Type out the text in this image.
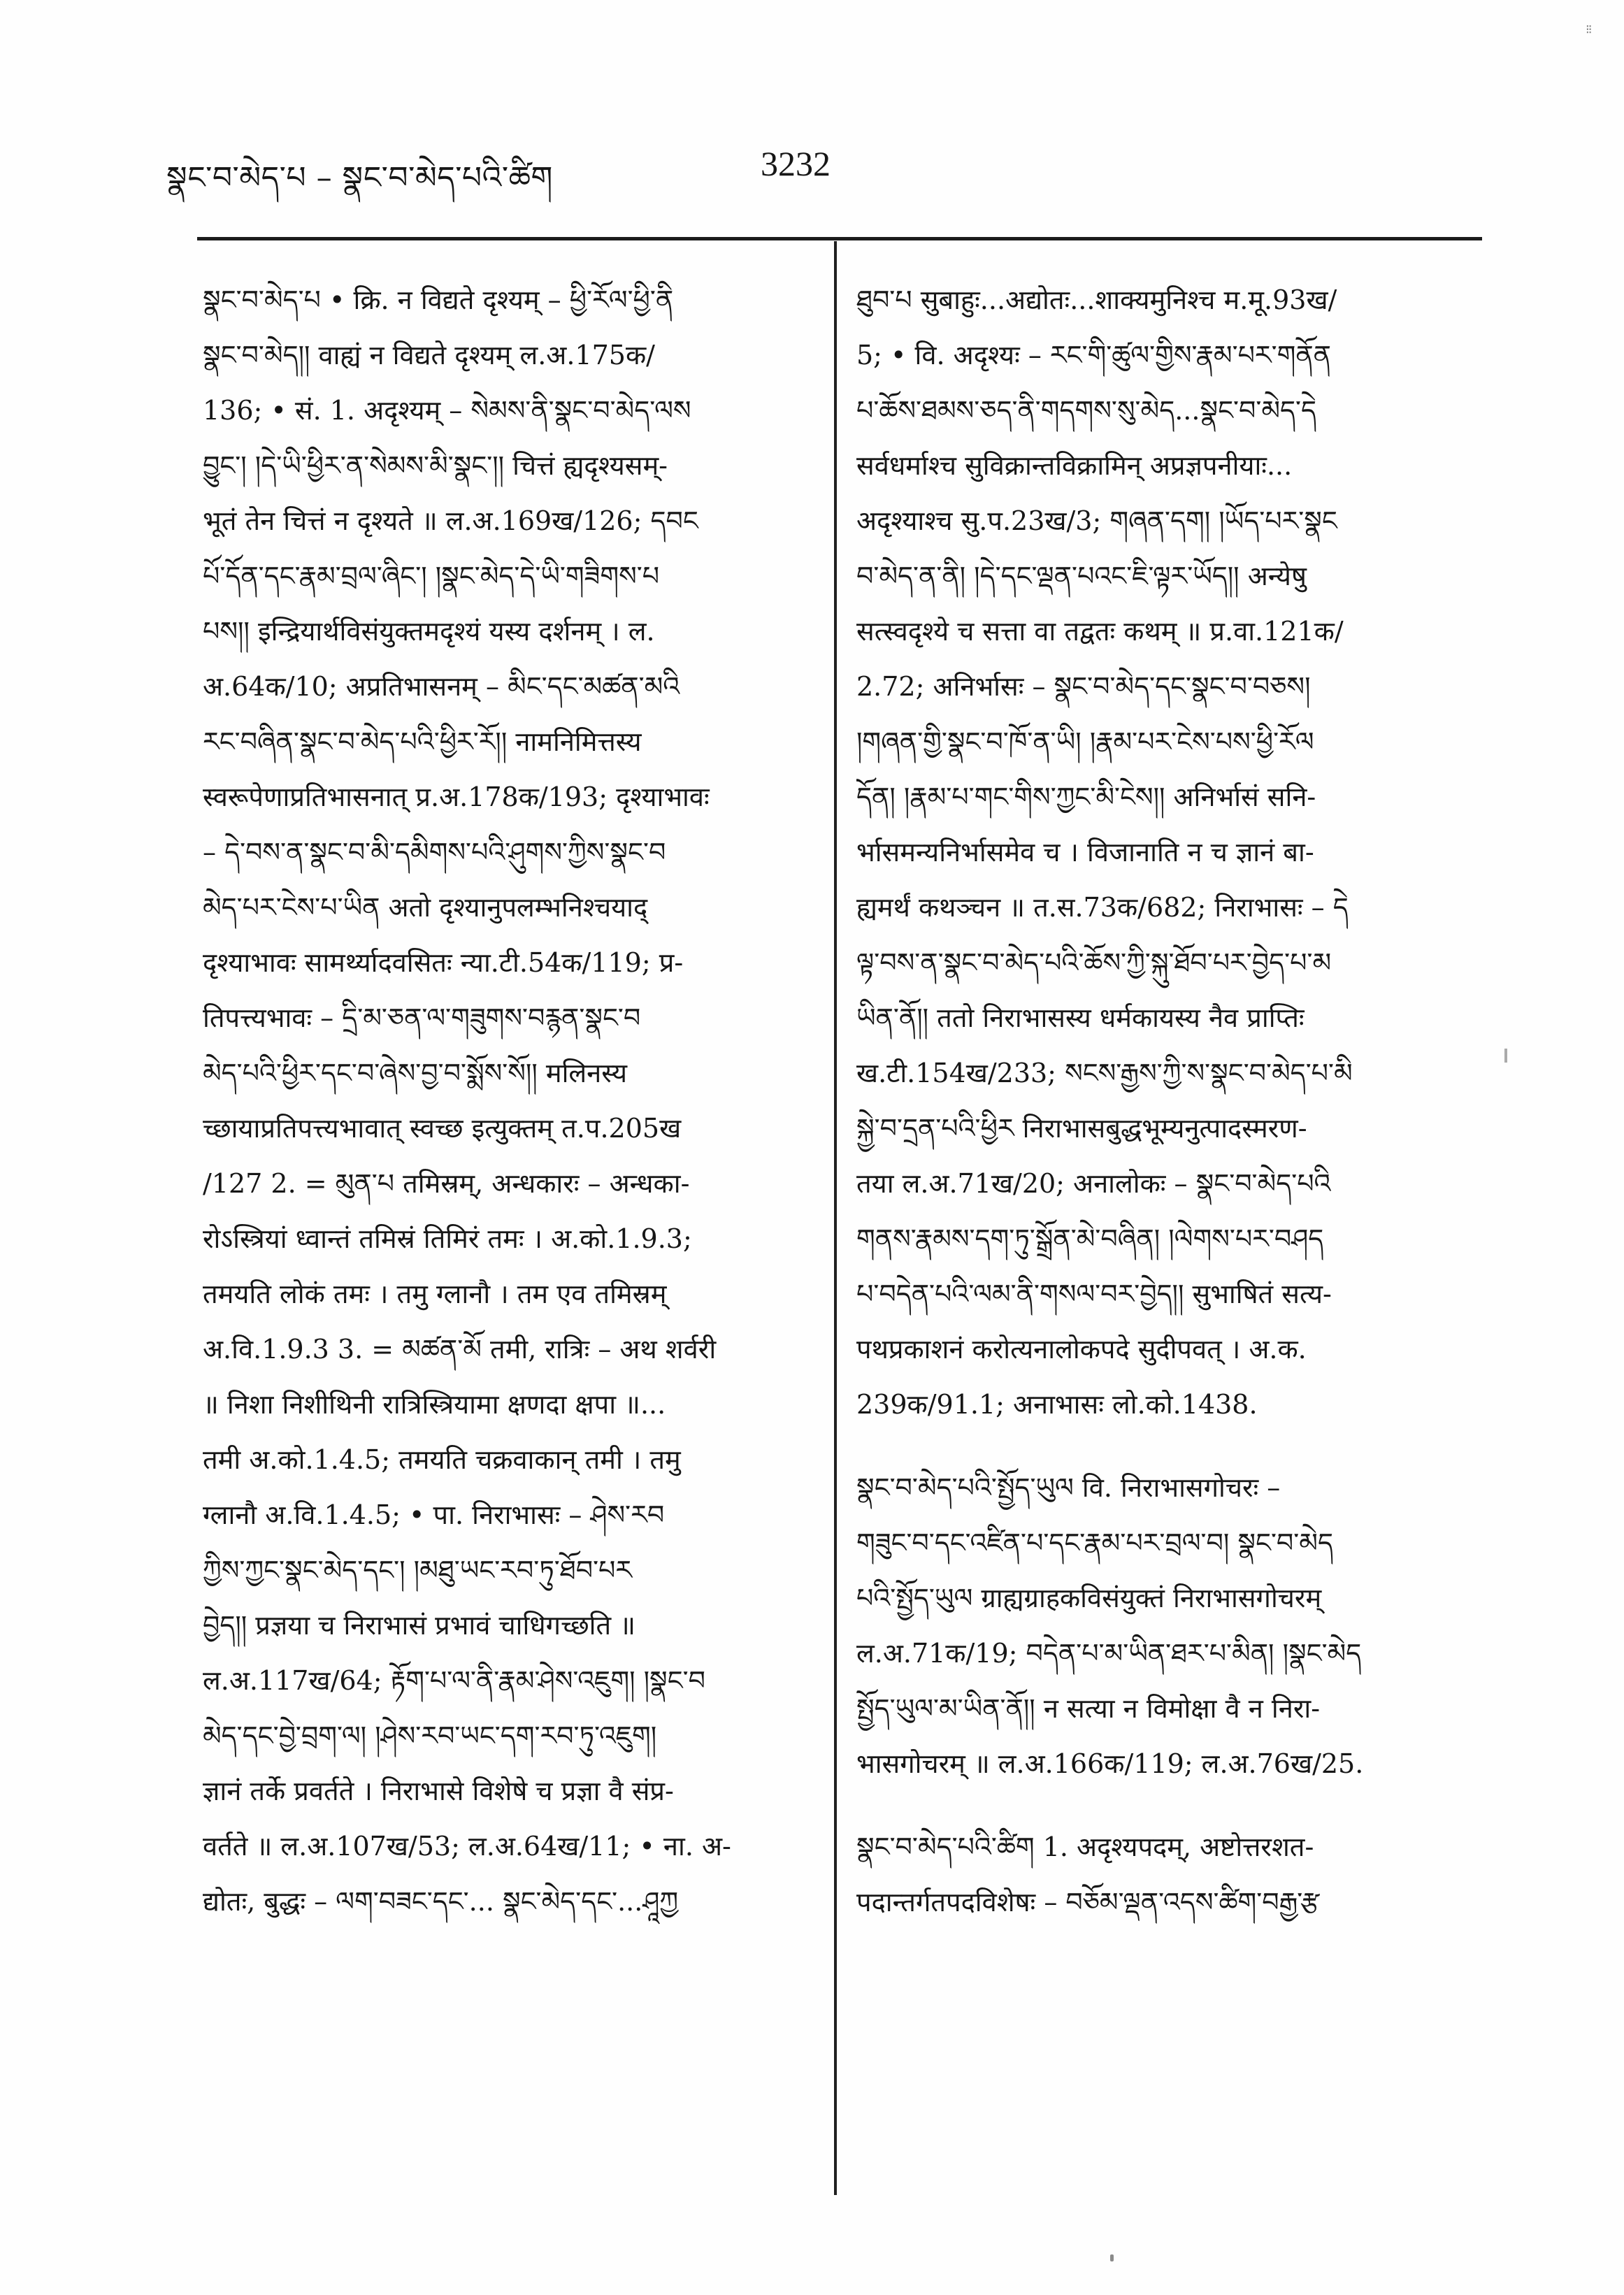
སྣང་བ་མེད་པ – སྣང་བ་མེད་པའི་ཚིག	3232
⁝⁝
སྣང་བ་མེད་པ • क्रि. न विद्यते दृश्यम् – ཕྱི་རོལ་ཕྱི་ནི
སྣང་བ་མེད།། वाह्यं न विद्यते दृश्यम् ल.अ.175क/
136; • सं. 1. अदृश्यम् – སེམས་ནི་སྣང་བ་མེད་ལས
བྱུང་། །དེ་ཡི་ཕྱིར་ན་སེམས་མི་སྣང་།། चित्तं ह्यदृश्यसम्-
भूतं तेन चित्तं न दृश्यते ॥ ल.अ.169ख/126; དབང
པོ་དོན་དང་རྣམ་བྲལ་ཞིང་། །སྣང་མེད་དེ་ཡི་གཟིགས་པ
པས།། इन्द्रियार्थविसंयुक्तमदृश्यं यस्य दर्शनम् । ल.
अ.64क/10; अप्रतिभासनम् – མིང་དང་མཚན་མའི
རང་བཞིན་སྣང་བ་མེད་པའི་ཕྱིར་རོ།། नामनिमित्तस्य
स्वरूपेणाप्रतिभासनात् प्र.अ.178क/193; दृश्याभावः
– དེ་བས་ན་སྣང་བ་མི་དམིགས་པའི་ཤུགས་ཀྱིས་སྣང་བ
མེད་པར་ངེས་པ་ཡིན अतो दृश्यानुपलम्भनिश्चयाद्
दृश्याभावः सामर्थ्यादवसितः न्या.टी.54क/119; प्र-
तिपत्त्यभावः – དྲི་མ་ཅན་ལ་གཟུགས་བརྙན་སྣང་བ
མེད་པའི་ཕྱིར་དང་བ་ཞེས་བྱ་བ་སྨོས་སོ།། मलिनस्य
च्छायाप्रतिपत्त्यभावात् स्वच्छ इत्युक्तम् त.प.205ख
/127 2. = མུན་པ तमिस्रम्, अन्धकारः – अन्धका-
रोऽस्त्रियां ध्वान्तं तमिस्रं तिमिरं तमः । अ.को.1.9.3;
तमयति लोकं तमः । तमु ग्लानौ । तम एव तमिस्रम्
अ.वि.1.9.3 3. = མཚན་མོ तमी, रात्रिः – अथ शर्वरी
॥ निशा निशीथिनी रात्रिस्त्रियामा क्षणदा क्षपा ॥...
तमी अ.को.1.4.5; तमयति चक्रवाकान् तमी । तमु
ग्लानौ अ.वि.1.4.5; • पा. निराभासः – ཤེས་རབ
ཀྱིས་ཀྱང་སྣང་མེད་དང་། །མཐུ་ཡང་རབ་ཏུ་ཐོབ་པར
བྱེད།། प्रज्ञया च निराभासं प्रभावं चाधिगच्छति ॥
ल.अ.117ख/64; རྟོག་པ་ལ་ནི་རྣམ་ཤེས་འཇུག། །སྣང་བ
མེད་དང་བྱེ་བྲག་ལ། །ཤེས་རབ་ཡང་དག་རབ་ཏུ་འཇུག།
ज्ञानं तर्के प्रवर्तते । निराभासे विशेषे च प्रज्ञा वै संप्र-
वर्तते ॥ ल.अ.107ख/53; ल.अ.64ख/11; • ना. अ-
द्योतः, बुद्धः – ལག་བཟང་དང་... སྣང་མེད་དང་...ཤཱཀྱ
ཐུབ་པ सुबाहुः...अद्योतः...शाक्यमुनिश्च म.मू.93ख/
5; • वि. अदृश्यः – རང་གི་ཚུལ་གྱིས་རྣམ་པར་གནོན
པ་ཆོས་ཐམས་ཅད་ནི་གདགས་སུ་མེད...སྣང་བ་མེད་དེ
सर्वधर्माश्च सुविक्रान्तविक्रामिन् अप्रज्ञपनीयाः...
अदृश्याश्च सु.प.23ख/3; གཞན་དག། །ཡོད་པར་སྣང
བ་མེད་ན་ནི། །དེ་དང་ལྡན་པའང་ཇི་ལྟར་ཡོད།། अन्येषु
सत्स्वदृश्ये च सत्ता वा तद्वतः कथम् ॥ प्र.वा.121क/
2.72; अनिर्भासः – སྣང་བ་མེད་དང་སྣང་བ་བཅས།
།གཞན་གྱི་སྣང་བ་ཁོ་ན་ཡི། །རྣམ་པར་ངེས་པས་ཕྱི་རོལ
དོན། །རྣམ་པ་གང་གིས་ཀྱང་མི་ངེས།། अनिर्भासं सनि-
र्भासमन्यनिर्भासमेव च । विजानाति न च ज्ञानं बा-
ह्यमर्थं कथञ्चन ॥ त.स.73क/682; निराभासः – དེ
ལྟ་བས་ན་སྣང་བ་མེད་པའི་ཆོས་ཀྱི་སྐུ་ཐོབ་པར་བྱེད་པ་མ
ཡིན་ནོ།། ततो निराभासस्य धर्मकायस्य नैव प्राप्तिः
ख.टी.154ख/233; སངས་རྒྱས་ཀྱི་ས་སྣང་བ་མེད་པ་མི
སྐྱེ་བ་དྲན་པའི་ཕྱིར निराभासबुद्धभूम्यनुत्पादस्मरण-
तया ल.अ.71ख/20; अनालोकः – སྣང་བ་མེད་པའི
གནས་རྣམས་དག་ཏུ་སྒྲོན་མེ་བཞིན། །ལེགས་པར་བཤད
པ་བདེན་པའི་ལམ་ནི་གསལ་བར་བྱེད།། सुभाषितं सत्य-
पथप्रकाशनं करोत्यनालोकपदे सुदीपवत् । अ.क.
239क/91.1; अनाभासः लो.को.1438.
སྣང་བ་མེད་པའི་སྤྱོད་ཡུལ वि. निराभासगोचरः –
གཟུང་བ་དང་འཛིན་པ་དང་རྣམ་པར་བྲལ་བ། སྣང་བ་མེད
པའི་སྤྱོད་ཡུལ ग्राह्यग्राहकविसंयुक्तं निराभासगोचरम्
ल.अ.71क/19; བདེན་པ་མ་ཡིན་ཐར་པ་མིན། །སྣང་མེད
སྤྱོད་ཡུལ་མ་ཡིན་ནོ།། न सत्या न विमोक्षा वै न निरा-
भासगोचरम् ॥ ल.अ.166क/119; ल.अ.76ख/25.
སྣང་བ་མེད་པའི་ཚིག 1. अदृश्यपदम्, अष्टोत्तरशत-
पदान्तर्गतपदविशेषः – བཅོམ་ལྡན་འདས་ཚིག་བརྒྱ་རྩ
